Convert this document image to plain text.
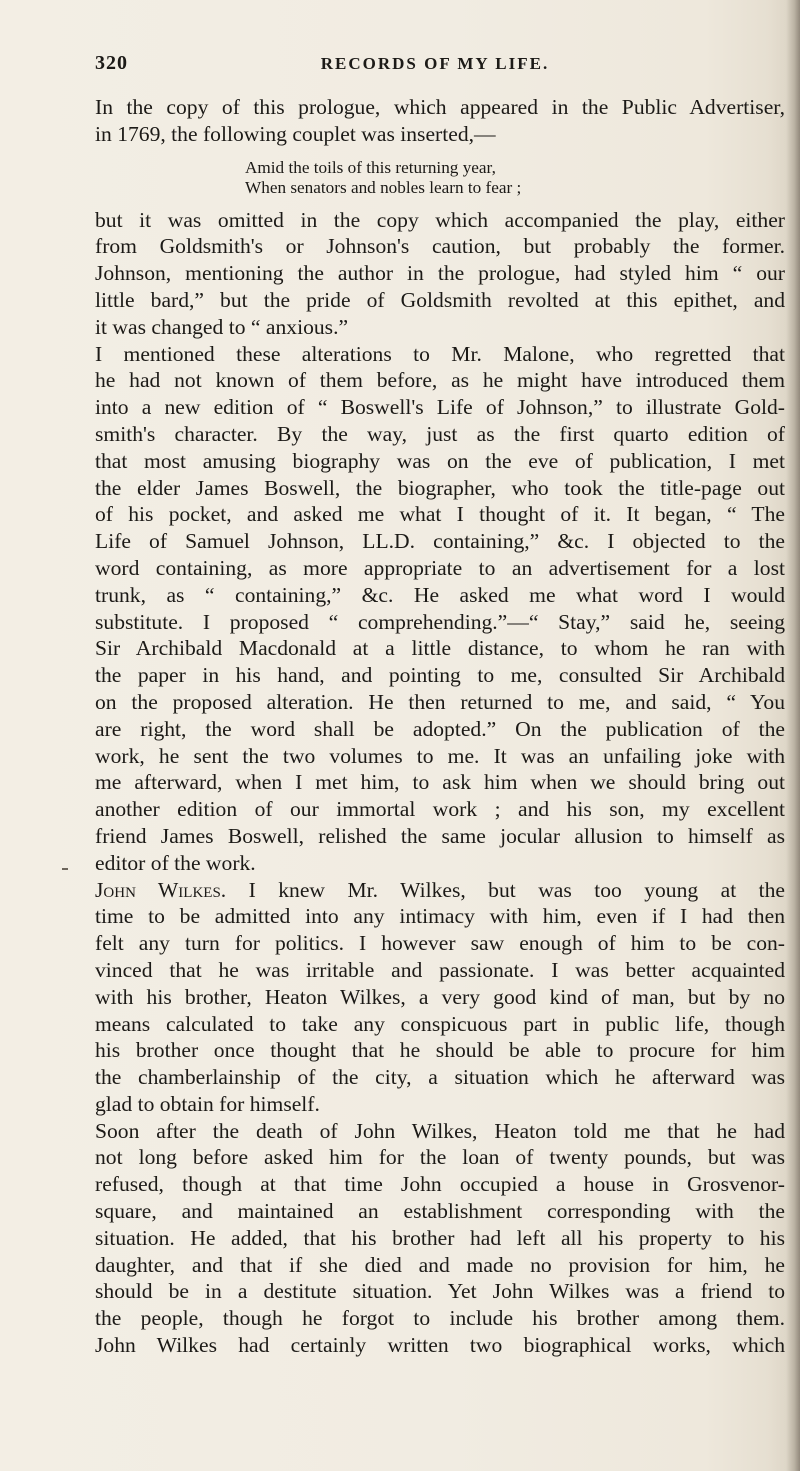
320	RECORDS OF MY LIFE.

In the copy of this prologue, which appeared in the Public Advertiser,
in 1769, the following couplet was inserted,—

Amid the toils of this returning year,
When senators and nobles learn to fear ;

but it was omitted in the copy which accompanied the play, either
from Goldsmith's or Johnson's caution, but probably the former.
Johnson, mentioning the author in the prologue, had styled him “ our
little bard,” but the pride of Goldsmith revolted at this epithet, and
it was changed to “ anxious.”
I mentioned these alterations to Mr. Malone, who regretted that
he had not known of them before, as he might have introduced them
into a new edition of “ Boswell's Life of Johnson,” to illustrate Gold-
smith's character. By the way, just as the first quarto edition of
that most amusing biography was on the eve of publication, I met
the elder James Boswell, the biographer, who took the title-page out
of his pocket, and asked me what I thought of it. It began, “ The
Life of Samuel Johnson, LL.D. containing,” &c. I objected to the
word containing, as more appropriate to an advertisement for a lost
trunk, as “ containing,” &c. He asked me what word I would
substitute. I proposed “ comprehending.”—“ Stay,” said he, seeing
Sir Archibald Macdonald at a little distance, to whom he ran with
the paper in his hand, and pointing to me, consulted Sir Archibald
on the proposed alteration. He then returned to me, and said, “ You
are right, the word shall be adopted.” On the publication of the
work, he sent the two volumes to me. It was an unfailing joke with
me afterward, when I met him, to ask him when we should bring out
another edition of our immortal work ; and his son, my excellent
friend James Boswell, relished the same jocular allusion to himself as
editor of the work.

John Wilkes. I knew Mr. Wilkes, but was too young at the
time to be admitted into any intimacy with him, even if I had then
felt any turn for politics. I however saw enough of him to be con-
vinced that he was irritable and passionate. I was better acquainted
with his brother, Heaton Wilkes, a very good kind of man, but by no
means calculated to take any conspicuous part in public life, though
his brother once thought that he should be able to procure for him
the chamberlainship of the city, a situation which he afterward was
glad to obtain for himself.
Soon after the death of John Wilkes, Heaton told me that he had
not long before asked him for the loan of twenty pounds, but was
refused, though at that time John occupied a house in Grosvenor-
square, and maintained an establishment corresponding with the
situation. He added, that his brother had left all his property to his
daughter, and that if she died and made no provision for him, he
should be in a destitute situation. Yet John Wilkes was a friend to
the people, though he forgot to include his brother among them.
John Wilkes had certainly written two biographical works, which
